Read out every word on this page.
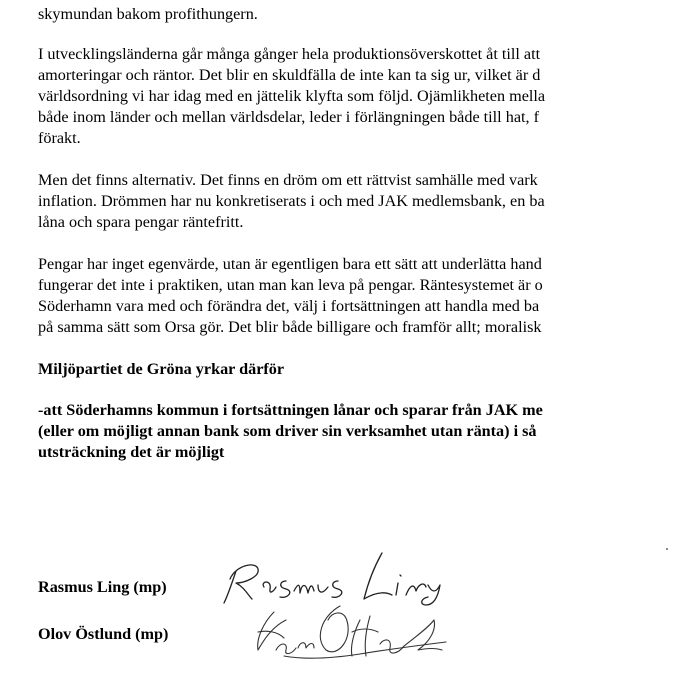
skymundan bakom profithungern.

I utvecklingsländerna går många gånger hela produktionsöverskottet åt till att

amorteringar och räntor. Det blir en skuldfälla de inte kan ta sig ur, vilket är d

världsordning vi har idag med en jättelik klyfta som följd. Ojämlikheten mella

både inom länder och mellan världsdelar, leder i förlängningen både till hat, f

förakt.

Men det finns alternativ. Det finns en dröm om ett rättvist samhälle med vark

inflation. Drömmen har nu konkretiserats i och med JAK medlemsbank, en ba

låna och spara pengar räntefritt.

Pengar har inget egenvärde, utan är egentligen bara ett sätt att underlätta hand

fungerar det inte i praktiken, utan man kan leva på pengar. Räntesystemet är o

Söderhamn vara med och förändra det, välj i fortsättningen att handla med ba

på samma sätt som Orsa gör. Det blir både billigare och framför allt; moralisk

Miljöpartiet de Gröna yrkar därför

-att Söderhamns kommun i fortsättningen lånar och sparar från JAK me

(eller om möjligt annan bank som driver sin verksamhet utan ränta) i så

utsträckning det är möjligt

Rasmus Ling (mp)
Olov Östlund (mp)
